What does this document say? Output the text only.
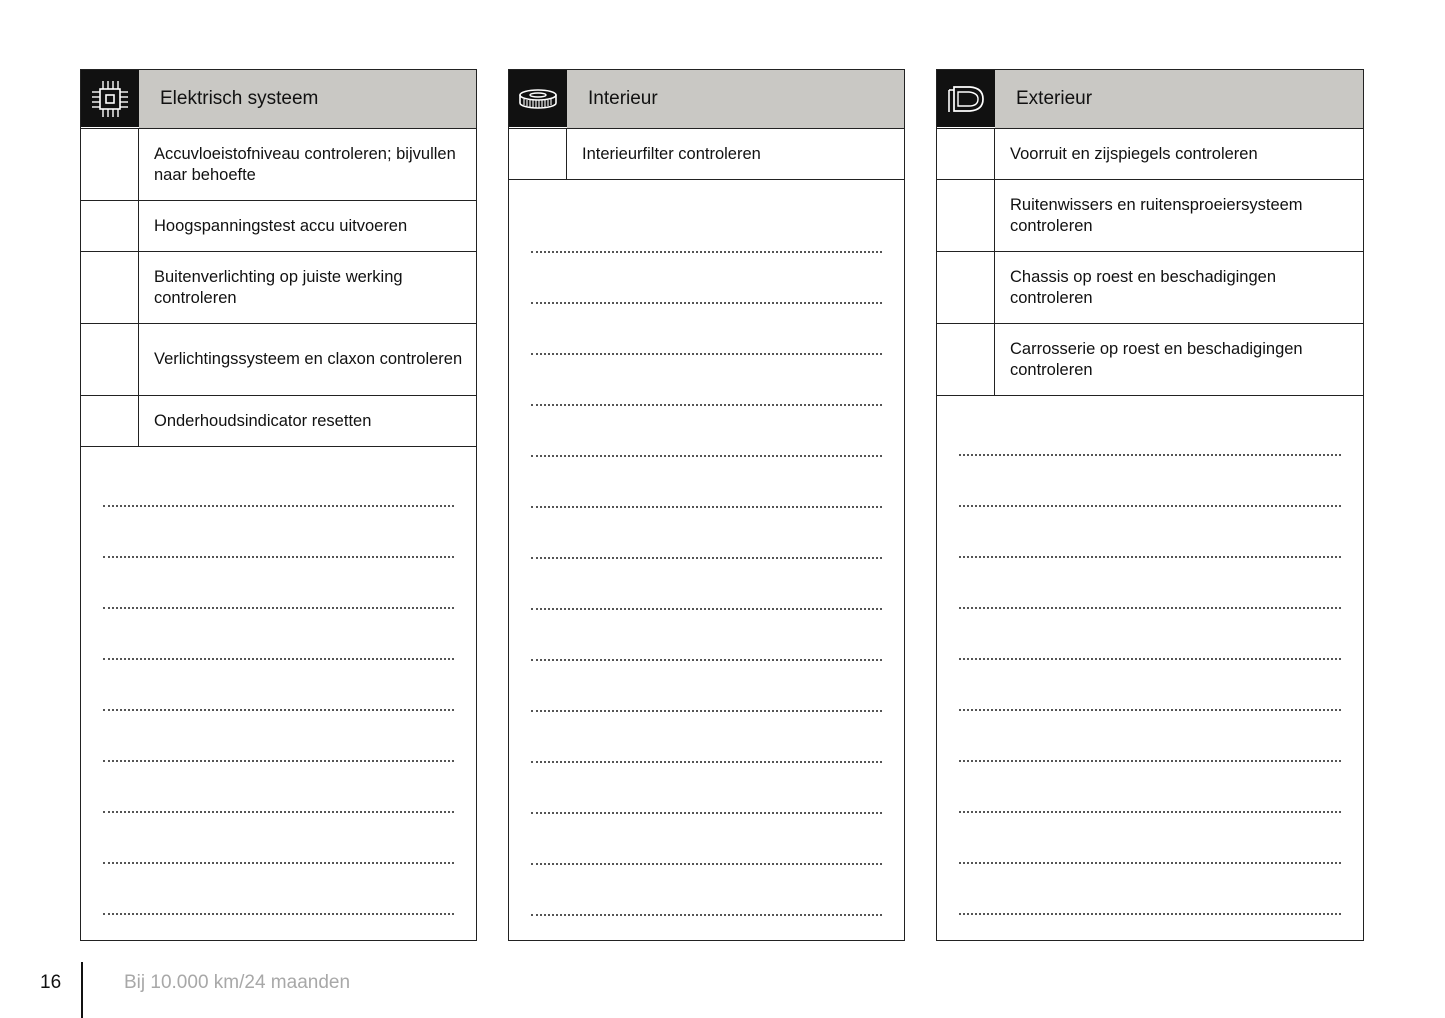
Elektrisch systeem
Accuvloeistofniveau controleren; bijvullen naar behoefte
Hoogspanningstest accu uitvoeren
Buitenverlichting op juiste werking controleren
Verlichtingssysteem en claxon controleren
Onderhoudsindicator resetten
Interieur
Interieurfilter controleren
Exterieur
Voorruit en zijspiegels controleren
Ruitenwissers en ruitensproeiersysteem controleren
Chassis op roest en beschadigingen controleren
Carrosserie op roest en beschadigingen controleren
16	Bij 10.000 km/24 maanden
